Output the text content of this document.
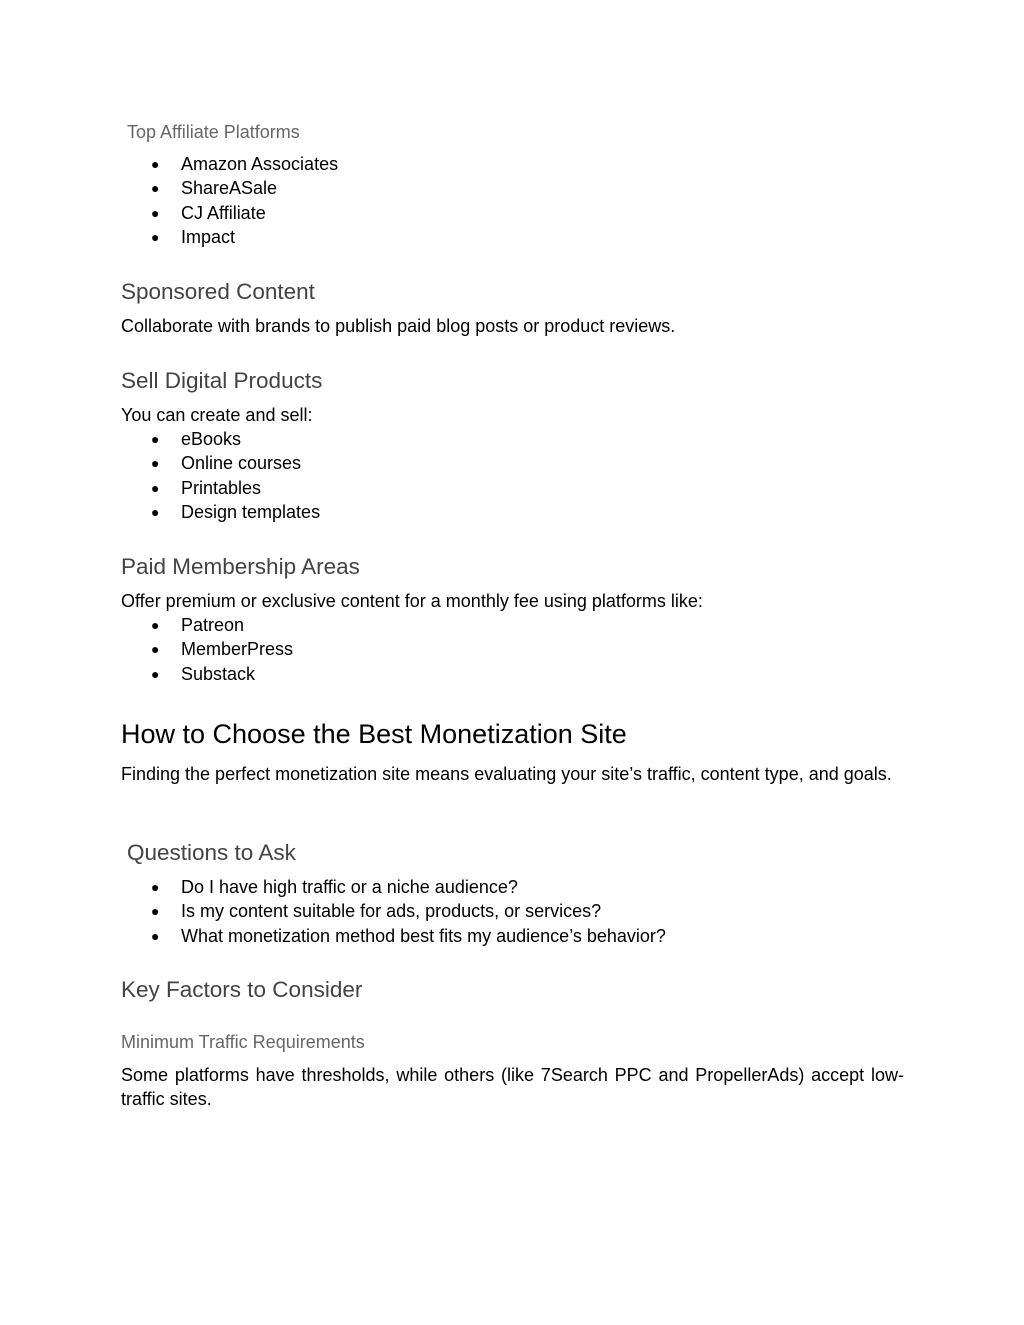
Top Affiliate Platforms
● Amazon Associates
● ShareASale
● CJ Affiliate
● Impact
Sponsored Content

Collaborate with brands to publish paid blog posts or product reviews.

Sell Digital Products

You can create and sell:

● eBooks
● Online courses
● Printables
● Design templates
Paid Membership Areas

Offer premium or exclusive content for a monthly fee using platforms like:

● Patreon
● MemberPress
● Substack
How to Choose the Best Monetization Site

Finding the perfect monetization site means evaluating your site’s traffic, content type, and goals.

Questions to Ask
● Do I have high traffic or a niche audience?
● Is my content suitable for ads, products, or services?
● What monetization method best fits my audience’s behavior?
Key Factors to Consider
Minimum Traffic Requirements

Some platforms have thresholds, while others (like 7Search PPC and PropellerAds) accept low-traffic sites.
